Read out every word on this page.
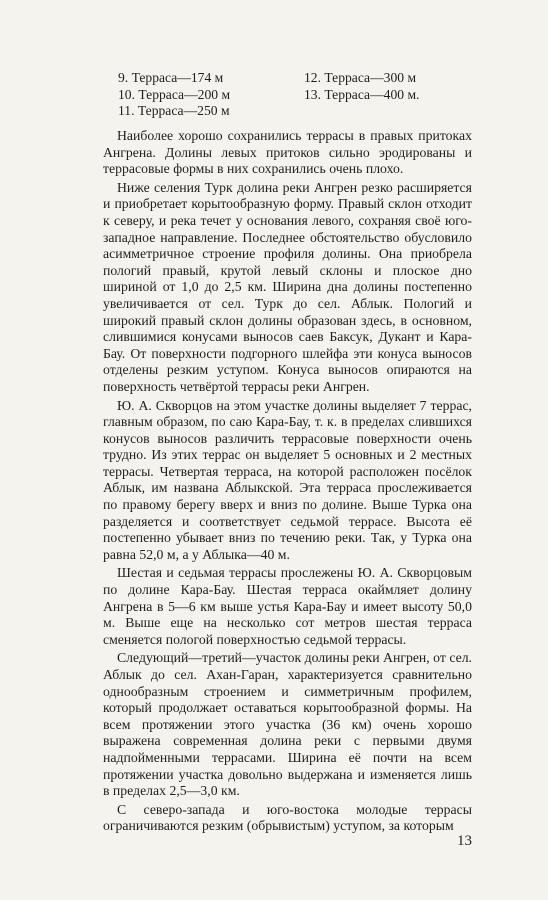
9. Терраса—174 м
10. Терраса—200 м
11. Терраса—250 м
12. Терраса—300 м
13. Терраса—400 м.

Наиболее хорошо сохранились террасы в правых притоках Ангрена. Долины левых притоков сильно эродированы и террасовые формы в них сохранились очень плохо.

Ниже селения Турк долина реки Ангрен резко расширяется и приобретает корытообразную форму. Правый склон отходит к северу, и река течет у основания левого, сохраняя своё юго-западное направление. Последнее обстоятельство обусловило асимметричное строение профиля долины. Она приобрела пологий правый, крутой левый склоны и плоское дно шириной от 1,0 до 2,5 км. Ширина дна долины постепенно увеличивается от сел. Турк до сел. Аблык. Пологий и широкий правый склон долины образован здесь, в основном, слившимися конусами выносов саев Баксук, Дукант и Кара-Бау. От поверхности подгорного шлейфа эти конуса выносов отделены резким уступом. Конуса выносов опираются на поверхность четвёртой террасы реки Ангрен.

Ю. А. Скворцов на этом участке долины выделяет 7 террас, главным образом, по саю Кара-Бау, т. к. в пределах слившихся конусов выносов различить террасовые поверхности очень трудно. Из этих террас он выделяет 5 основных и 2 местных террасы. Четвертая терраса, на которой расположен посёлок Аблык, им названа Аблыкской. Эта терраса прослеживается по правому берегу вверх и вниз по долине. Выше Турка она разделяется и соответствует седьмой террасе. Высота её постепенно убывает вниз по течению реки. Так, у Турка она равна 52,0 м, а у Аблыка—40 м.

Шестая и седьмая террасы прослежены Ю. А. Скворцовым по долине Кара-Бау. Шестая терраса окаймляет долину Ангрена в 5—6 км выше устья Кара-Бау и имеет высоту 50,0 м. Выше еще на несколько сот метров шестая терраса сменяется пологой поверхностью седьмой террасы.

Следующий—третий—участок долины реки Ангрен, от сел. Аблык до сел. Ахан-Гаран, характеризуется сравнительно однообразным строением и симметричным профилем, который продолжает оставаться корытообразной формы. На всем протяжении этого участка (36 км) очень хорошо выражена современная долина реки с первыми двумя надпойменными террасами. Ширина её почти на всем протяжении участка довольно выдержана и изменяется лишь в пределах 2,5—3,0 км.

С северо-запада и юго-востока молодые террасы ограничиваются резким (обрывистым) уступом, за которым

13
